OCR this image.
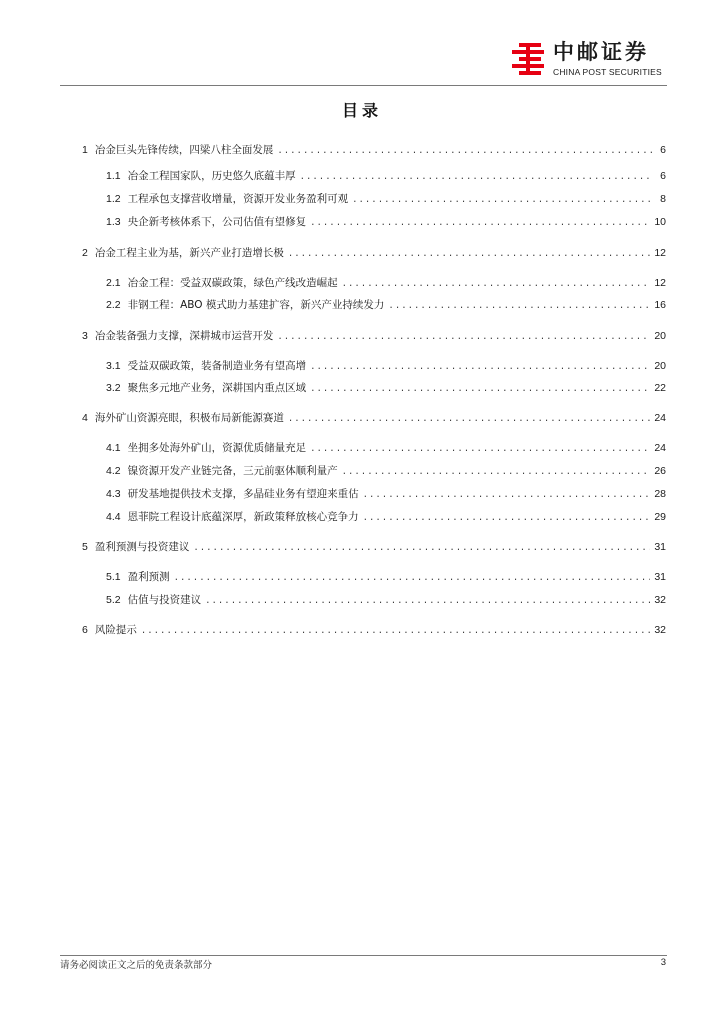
中邮证券
CHINA POST SECURITIES
目录
1 冶金巨头先锋传续，四梁八柱全面发展 .....	6
1.1 冶金工程国家队，历史悠久底蕴丰厚 .....	6
1.2 工程承包支撑营收增量，资源开发业务盈利可观 .....	8
1.3 央企新考核体系下，公司估值有望修复 .....	10
2 冶金工程主业为基，新兴产业打造增长极 .....	12
2.1 冶金工程：受益双碳政策，绿色产线改造崛起 .....	12
2.2 非钢工程：ABO 模式助力基建扩容，新兴产业持续发力 .....	16
3 冶金装备强力支撑，深耕城市运营开发 .....	20
3.1 受益双碳政策，装备制造业务有望高增 .....	20
3.2 聚焦多元地产业务，深耕国内重点区域 .....	22
4 海外矿山资源亮眼，积极布局新能源赛道 .....	24
4.1 坐拥多处海外矿山，资源优质储量充足 .....	24
4.2 镍资源开发产业链完备，三元前驱体顺利量产 .....	26
4.3 研发基地提供技术支撑，多晶硅业务有望迎来重估 .....	28
4.4 恩菲院工程设计底蕴深厚，新政策释放核心竞争力 .....	29
5 盈利预测与投资建议 .....	31
5.1 盈利预测 .....	31
5.2 估值与投资建议 .....	32
6 风险提示 .....	32
请务必阅读正文之后的免责条款部分	3
